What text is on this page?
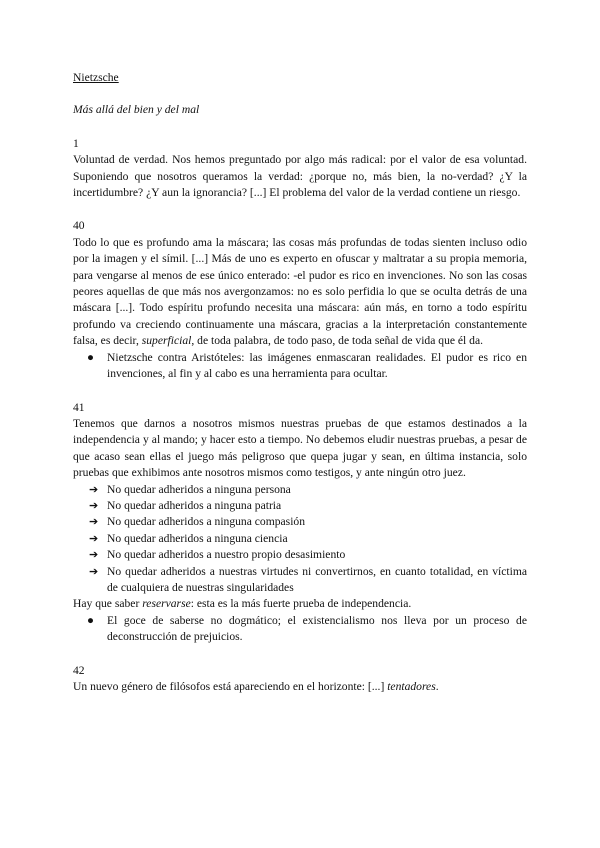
Nietzsche

Más allá del bien y del mal

1

Voluntad de verdad. Nos hemos preguntado por algo más radical: por el valor de esa voluntad. Suponiendo que nosotros queramos la verdad: ¿porque no, más bien, la no-verdad? ¿Y la incertidumbre? ¿Y aun la ignorancia? [...] El problema del valor de la verdad contiene un riesgo.

40

Todo lo que es profundo ama la máscara; las cosas más profundas de todas sienten incluso odio por la imagen y el símil. [...] Más de uno es experto en ofuscar y maltratar a su propia memoria, para vengarse al menos de ese único enterado: -el pudor es rico en invenciones. No son las cosas peores aquellas de que más nos avergonzamos: no es solo perfidia lo que se oculta detrás de una máscara [...]. Todo espíritu profundo necesita una máscara: aún más, en torno a todo espíritu profundo va creciendo continuamente una máscara, gracias a la interpretación constantemente falsa, es decir, superficial, de toda palabra, de todo paso, de toda señal de vida que él da.

● Nietzsche contra Aristóteles: las imágenes enmascaran realidades. El pudor es rico en invenciones, al fin y al cabo es una herramienta para ocultar.

41

Tenemos que darnos a nosotros mismos nuestras pruebas de que estamos destinados a la independencia y al mando; y hacer esto a tiempo. No debemos eludir nuestras pruebas, a pesar de que acaso sean ellas el juego más peligroso que quepa jugar y sean, en última instancia, solo pruebas que exhibimos ante nosotros mismos como testigos, y ante ningún otro juez.

➔ No quedar adheridos a ninguna persona
➔ No quedar adheridos a ninguna patria
➔ No quedar adheridos a ninguna compasión
➔ No quedar adheridos a ninguna ciencia
➔ No quedar adheridos a nuestro propio desasimiento
➔ No quedar adheridos a nuestras virtudes ni convertirnos, en cuanto totalidad, en víctima de cualquiera de nuestras singularidades

Hay que saber reservarse: esta es la más fuerte prueba de independencia.

● El goce de saberse no dogmático; el existencialismo nos lleva por un proceso de deconstrucción de prejuicios.

42

Un nuevo género de filósofos está apareciendo en el horizonte: [...] tentadores.
